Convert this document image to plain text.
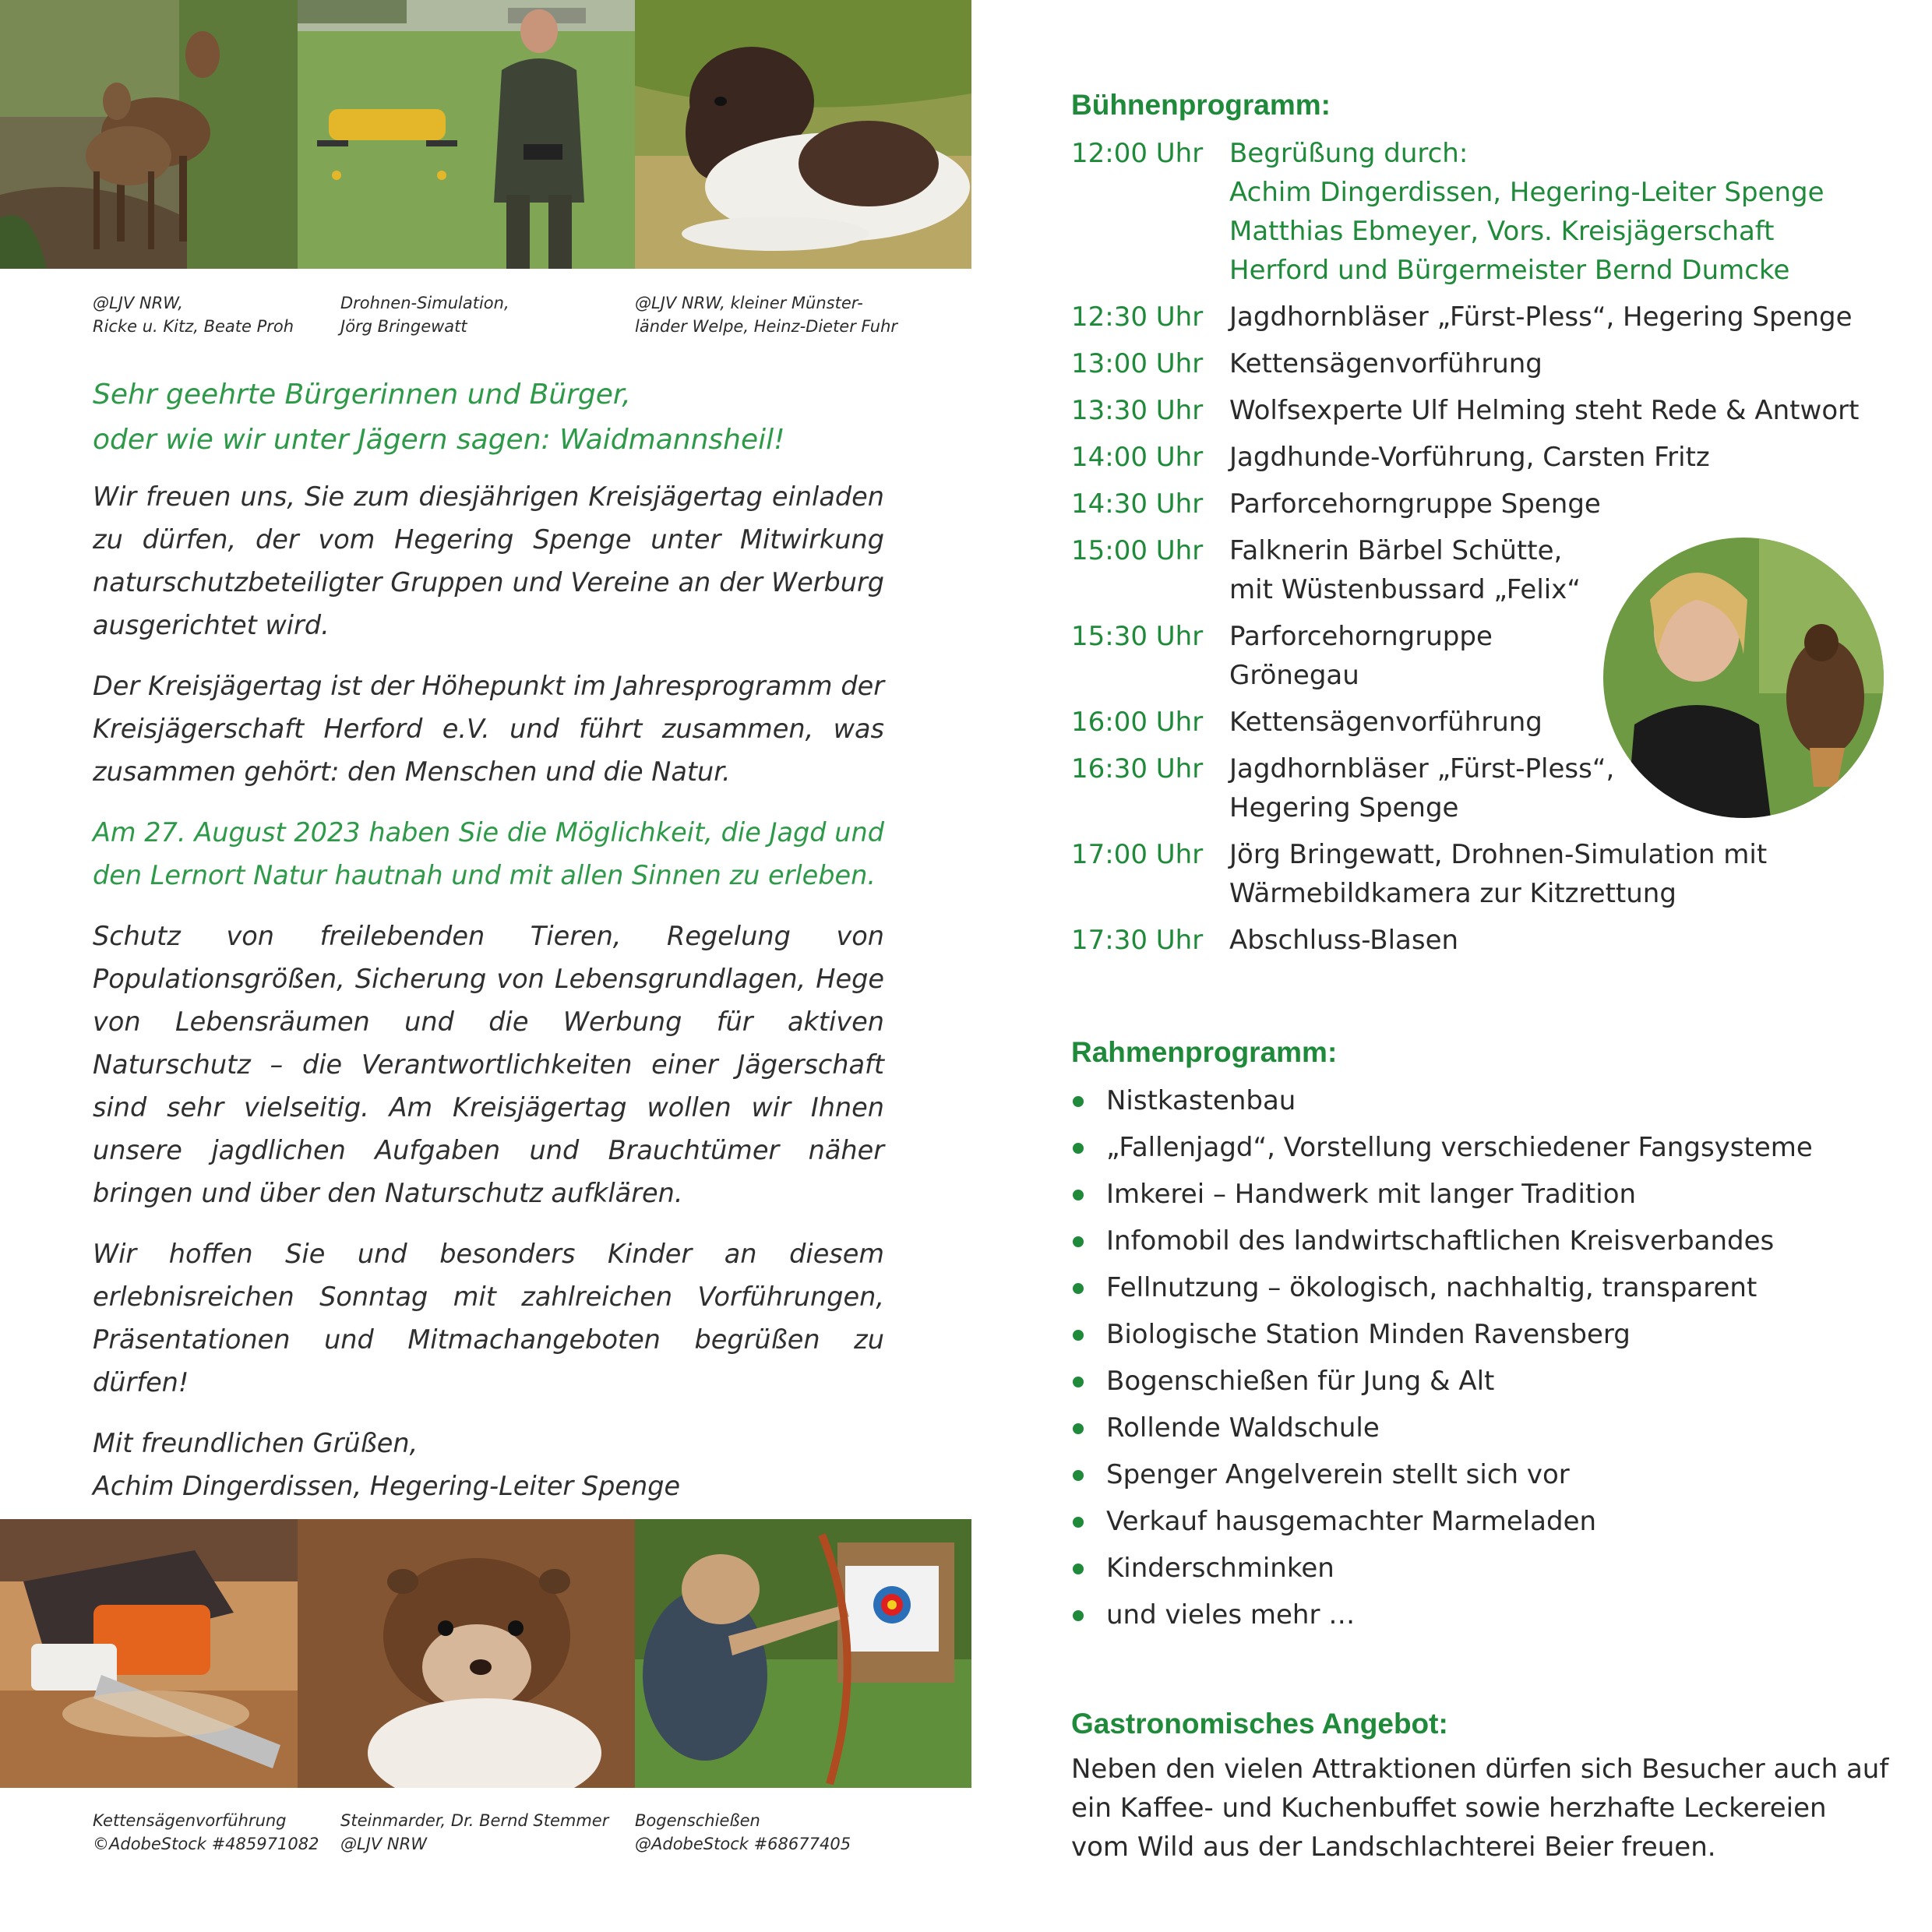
@LJV NRW,
Ricke u. Kitz, Beate Proh
Drohnen-Simulation,
Jörg Bringewatt
@LJV NRW, kleiner Münster-
länder Welpe, Heinz-Dieter Fuhr

Sehr geehrte Bürgerinnen und Bürger,
oder wie wir unter Jägern sagen: Waidmannsheil!

Wir freuen uns, Sie zum diesjährigen Kreisjägertag einladen zu dürfen, der vom Hegering Spenge unter Mitwirkung naturschutzbeteiligter Gruppen und Vereine an der Werburg ausgerichtet wird.

Der Kreisjägertag ist der Höhepunkt im Jahresprogramm der Kreisjägerschaft Herford e.V. und führt zusammen, was zusammen gehört: den Menschen und die Natur.

Am 27. August 2023 haben Sie die Möglichkeit, die Jagd und den Lernort Natur hautnah und mit allen Sinnen zu erleben.

Schutz von freilebenden Tieren, Regelung von Populationsgrößen, Sicherung von Lebensgrundlagen, Hege von Lebensräumen und die Werbung für aktiven Naturschutz – die Verantwortlichkeiten einer Jägerschaft sind sehr vielseitig. Am Kreisjägertag wollen wir Ihnen unsere jagdlichen Aufgaben und Brauchtümer näher bringen und über den Naturschutz aufklären.

Wir hoffen Sie und besonders Kinder an diesem erlebnisreichen Sonntag mit zahlreichen Vorführungen, Präsentationen und Mitmachangeboten begrüßen zu dürfen!

Mit freundlichen Grüßen,
Achim Dingerdissen, Hegering-Leiter Spenge

Kettensägenvorführung
©AdobeStock #485971082
Steinmarder, Dr. Bernd Stemmer
@LJV NRW
Bogenschießen
@AdobeStock #68677405
Bühnenprogramm:
12:00 Uhr Begrüßung durch:
Achim Dingerdissen, Hegering-Leiter Spenge
Matthias Ebmeyer, Vors. Kreisjägerschaft
Herford und Bürgermeister Bernd Dumcke
12:30 Uhr Jagdhornbläser „Fürst-Pless“, Hegering Spenge
13:00 Uhr Kettensägenvorführung
13:30 Uhr Wolfsexperte Ulf Helming steht Rede & Antwort
14:00 Uhr Jagdhunde-Vorführung, Carsten Fritz
14:30 Uhr Parforcehorngruppe Spenge
15:00 Uhr Falknerin Bärbel Schütte,
mit Wüstenbussard „Felix“
15:30 Uhr Parforcehorngruppe
Grönegau
16:00 Uhr Kettensägenvorführung
16:30 Uhr Jagdhornbläser „Fürst-Pless“,
Hegering Spenge
17:00 Uhr Jörg Bringewatt, Drohnen-Simulation mit
Wärmebildkamera zur Kitzrettung
17:30 Uhr Abschluss-Blasen
Rahmenprogramm:
Nistkastenbau
„Fallenjagd“, Vorstellung verschiedener Fangsysteme
Imkerei – Handwerk mit langer Tradition
Infomobil des landwirtschaftlichen Kreisverbandes
Fellnutzung – ökologisch, nachhaltig, transparent
Biologische Station Minden Ravensberg
Bogenschießen für Jung & Alt
Rollende Waldschule
Spenger Angelverein stellt sich vor
Verkauf hausgemachter Marmeladen
Kinderschminken
und vieles mehr …
Gastronomisches Angebot:
Neben den vielen Attraktionen dürfen sich Besucher auch auf
ein Kaffee- und Kuchenbuffet sowie herzhafte Leckereien
vom Wild aus der Landschlachterei Beier freuen.
